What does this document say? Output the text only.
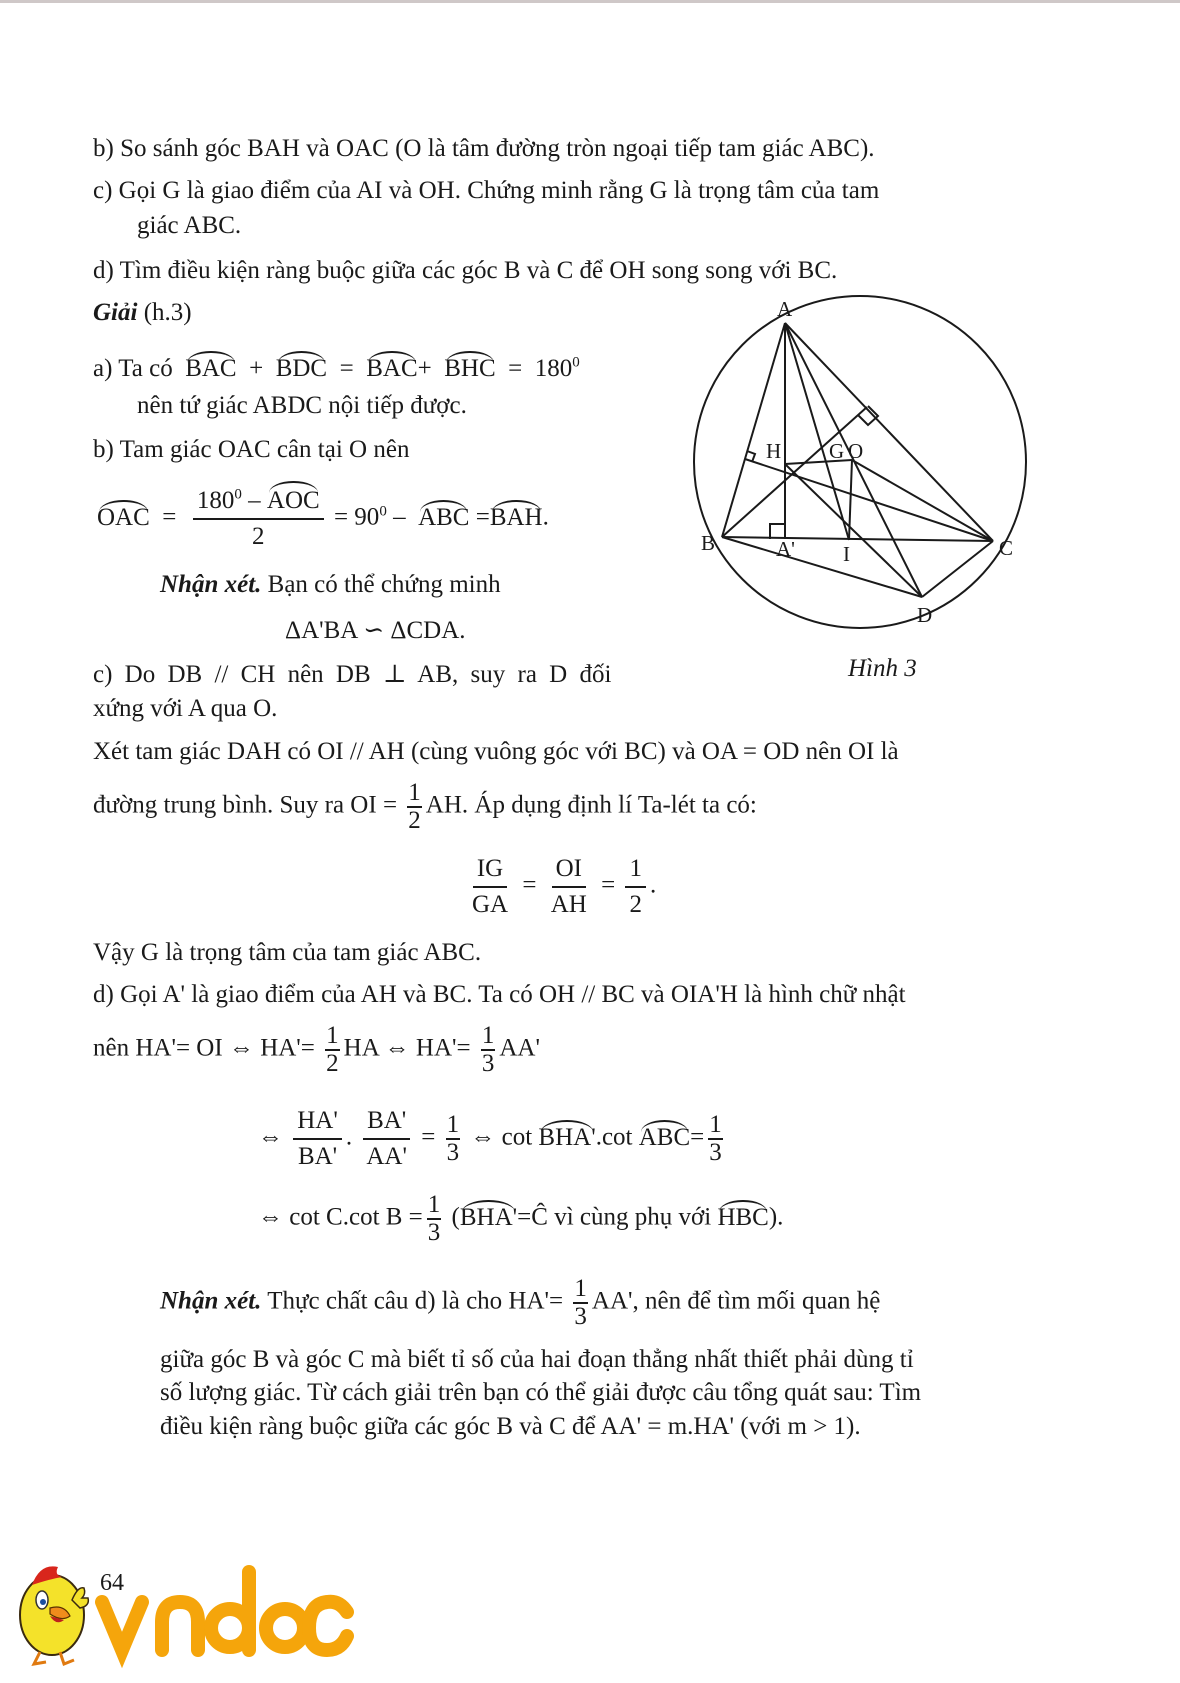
b) So sánh góc BAH và OAC (O là tâm đường tròn ngoại tiếp tam giác ABC).
c) Gọi G là giao điểm của AI và OH. Chứng minh rằng G là trọng tâm của tam
giác ABC.
d) Tìm điều kiện ràng buộc giữa các góc B và C để OH song song với BC.
Giải (h.3)
a) Ta có BAC + BDC = BAC+ BHC = $180^0$
nên tứ giác ABDC nội tiếp được.
b) Tam giác OAC cân tại O nên
OAC  = $\frac{180^0 - AOC}{2} = 90^0$ –  ABC =BAH.
Nhận xét. Bạn có thể chứng minh
ΔA'BA ∽ ΔCDA.
c) Do DB // CH nên DB ⊥ AB, suy ra D đối
xứng với A qua O.
Xét tam giác DAH có OI // AH (cùng vuông góc với BC) và OA = OD nên OI là
đường trung bình. Suy ra OI = $\frac{1}{2}$ AH. Áp dụng định lí Ta-lét ta có:
$\frac{IG}{GA} = \frac{OI}{AH} = \frac{1}{2}$ .
Vậy G là trọng tâm của tam giác ABC.
d) Gọi A' là giao điểm của AH và BC. Ta có OH // BC và OIA'H là hình chữ nhật
nên HA'= OI ⇔ $HA'= \frac{1}{2}$ HA ⇔ $HA'= \frac{1}{3} AA'$
⇔ $\frac{HA'}{BA'}$ . $\frac{BA'}{AA'} = \frac{1}{3}$ ⇔ cot BHA'.cot $ABC= \frac{1}{3}$
⇔ cot C.cot $B = \frac{1}{3}$ (BHA'=Ĉ vì cùng phụ với HBC).
Nhận xét. Thực chất câu d) là cho $HA'= \frac{1}{3} AA'$, nên để tìm mối quan hệ
giữa góc B và góc C mà biết tỉ số của hai đoạn thẳng nhất thiết phải dùng tỉ
số lượng giác. Từ cách giải trên bạn có thể giải được câu tổng quát sau: Tìm
điều kiện ràng buộc giữa các góc B và C để AA' = m.HA' (với m > 1).
A
H G O
B	A' I	C
D
Hình 3
64
